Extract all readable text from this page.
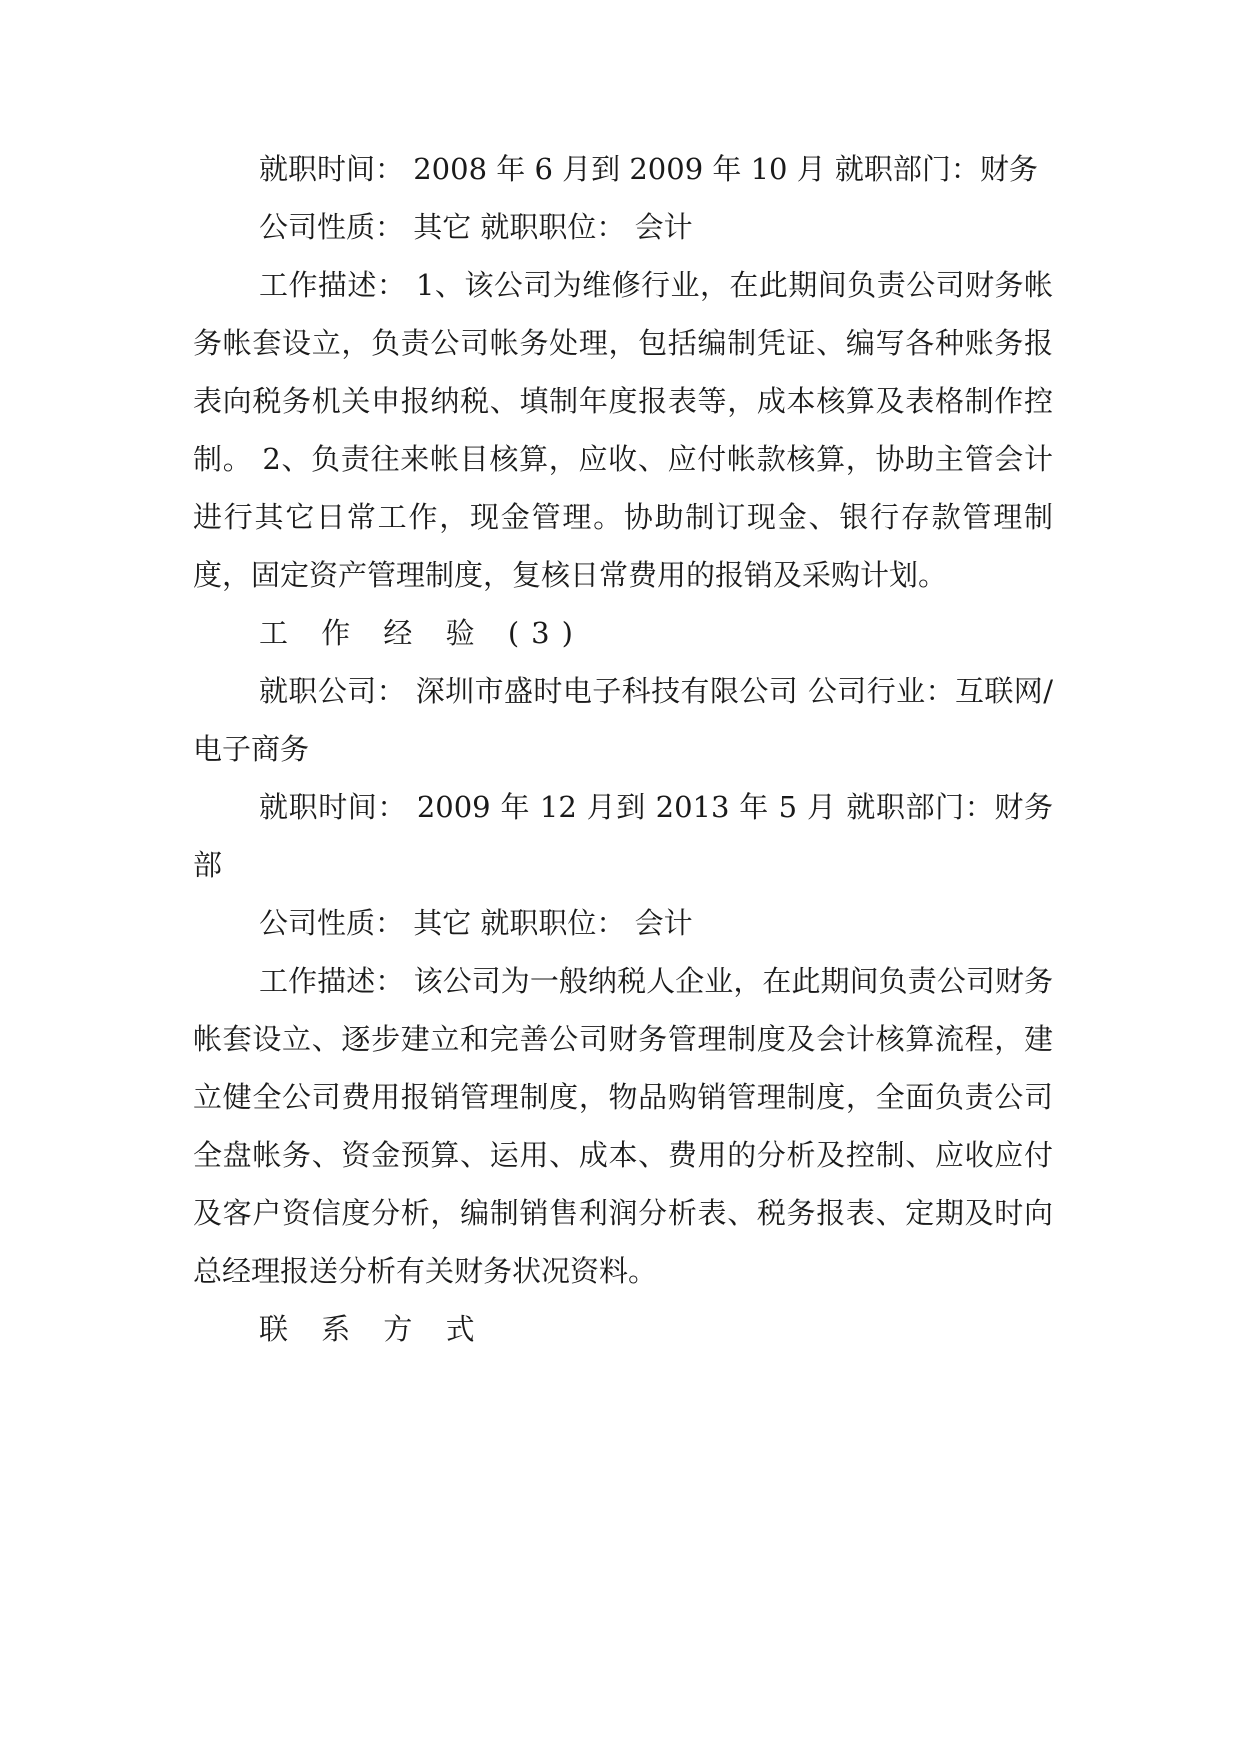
就职时间： 2008 年 6 月到 2009 年 10 月 就职部门：财务

公司性质： 其它 就职职位： 会计

工作描述： 1、该公司为维修行业，在此期间负责公司财务帐务帐套设立，负责公司帐务处理，包括编制凭证、编写各种账务报表向税务机关申报纳税、填制年度报表等，成本核算及表格制作控制。 2、负责往来帐目核算，应收、应付帐款核算，协助主管会计进行其它日常工作，现金管理。协助制订现金、银行存款管理制度，固定资产管理制度，复核日常费用的报销及采购计划。

工 作 经 验 (3)

就职公司： 深圳市盛时电子科技有限公司 公司行业：互联网/电子商务

就职时间： 2009 年 12 月到 2013 年 5 月 就职部门：财务部

公司性质： 其它 就职职位： 会计

工作描述： 该公司为一般纳税人企业，在此期间负责公司财务帐套设立、逐步建立和完善公司财务管理制度及会计核算流程，建立健全公司费用报销管理制度，物品购销管理制度，全面负责公司全盘帐务、资金预算、运用、成本、费用的分析及控制、应收应付及客户资信度分析，编制销售利润分析表、税务报表、定期及时向总经理报送分析有关财务状况资料。

联 系 方 式
